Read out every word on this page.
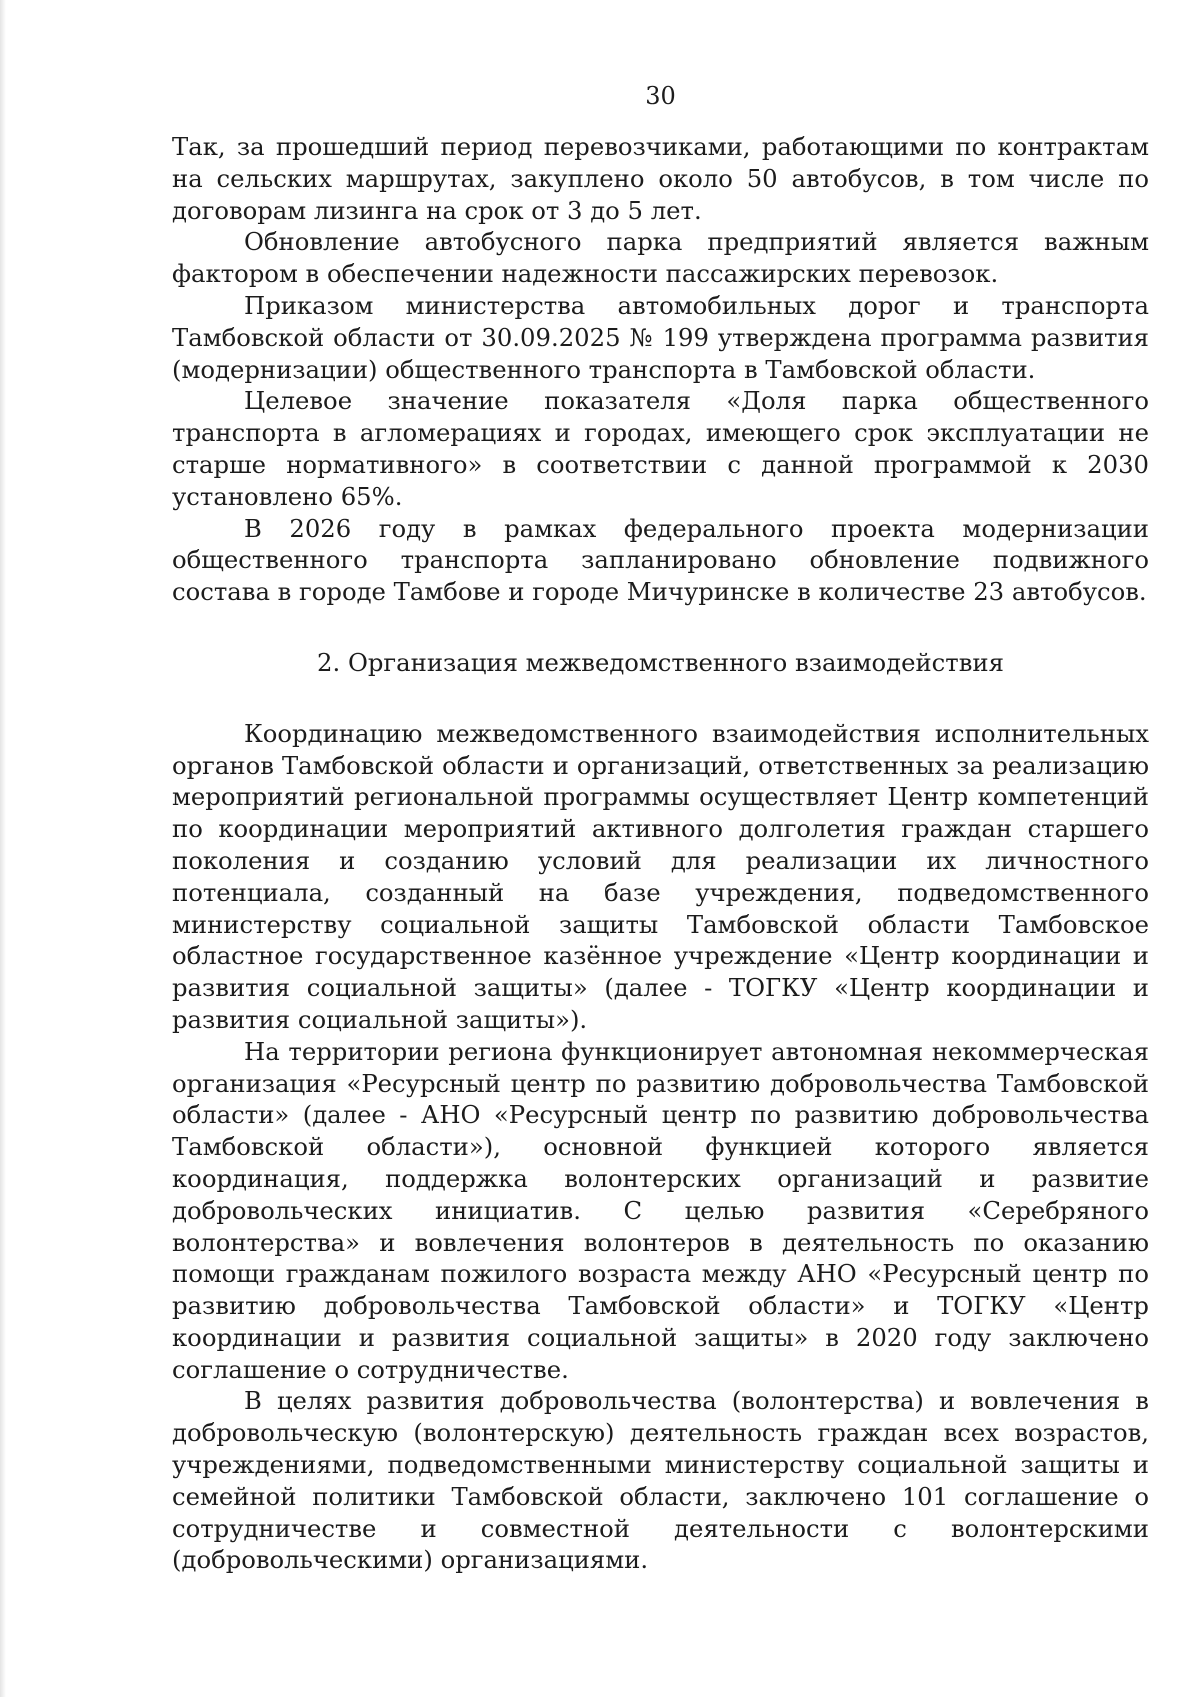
30

Так, за прошедший период перевозчиками, работающими по контрактам на сельских маршрутах, закуплено около 50 автобусов, в том числе по договорам лизинга на срок от 3 до 5 лет.

Обновление автобусного парка предприятий является важным фактором в обеспечении надежности пассажирских перевозок.

Приказом министерства автомобильных дорог и транспорта Тамбовской области от 30.09.2025 № 199 утверждена программа развития (модернизации) общественного транспорта в Тамбовской области.

Целевое значение показателя «Доля парка общественного транспорта в агломерациях и городах, имеющего срок эксплуатации не старше нормативного» в соответствии с данной программой к 2030 установлено 65%.

В 2026 году в рамках федерального проекта модернизации общественного транспорта запланировано обновление подвижного состава в городе Тамбове и городе Мичуринске в количестве 23 автобусов.

2. Организация межведомственного взаимодействия

Координацию межведомственного взаимодействия исполнительных органов Тамбовской области и организаций, ответственных за реализацию мероприятий региональной программы осуществляет Центр компетенций по координации мероприятий активного долголетия граждан старшего поколения и созданию условий для реализации их личностного потенциала, созданный на базе учреждения, подведомственного министерству социальной защиты Тамбовской области Тамбовское областное государственное казённое учреждение «Центр координации и развития социальной защиты» (далее - ТОГКУ «Центр координации и развития социальной защиты»).

На территории региона функционирует автономная некоммерческая организация «Ресурсный центр по развитию добровольчества Тамбовской области» (далее - АНО «Ресурсный центр по развитию добровольчества Тамбовской области»), основной функцией которого является координация, поддержка волонтерских организаций и развитие добровольческих инициатив. С целью развития «Серебряного волонтерства» и вовлечения волонтеров в деятельность по оказанию помощи гражданам пожилого возраста между АНО «Ресурсный центр по развитию добровольчества Тамбовской области» и ТОГКУ «Центр координации и развития социальной защиты» в 2020 году заключено соглашение о сотрудничестве.

В целях развития добровольчества (волонтерства) и вовлечения в добровольческую (волонтерскую) деятельность граждан всех возрастов, учреждениями, подведомственными министерству социальной защиты и семейной политики Тамбовской области, заключено 101 соглашение о сотрудничестве и совместной деятельности с волонтерскими (добровольческими) организациями.
